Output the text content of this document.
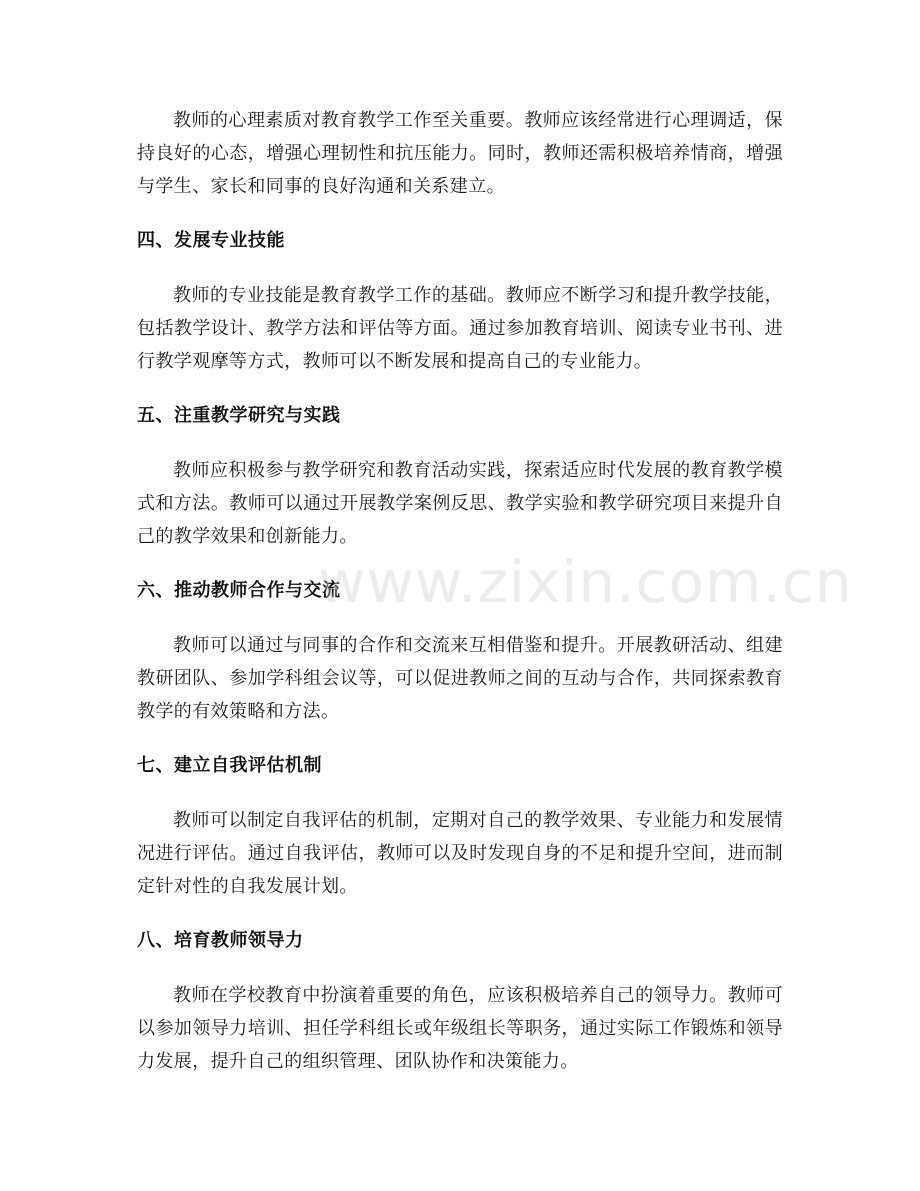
教师的心理素质对教育教学工作至关重要。教师应该经常进行心理调适，保持良好的心态，增强心理韧性和抗压能力。同时，教师还需积极培养情商，增强与学生、家长和同事的良好沟通和关系建立。

四、发展专业技能

教师的专业技能是教育教学工作的基础。教师应不断学习和提升教学技能，包括教学设计、教学方法和评估等方面。通过参加教育培训、阅读专业书刊、进行教学观摩等方式，教师可以不断发展和提高自己的专业能力。

五、注重教学研究与实践

教师应积极参与教学研究和教育活动实践，探索适应时代发展的教育教学模式和方法。教师可以通过开展教学案例反思、教学实验和教学研究项目来提升自己的教学效果和创新能力。

六、推动教师合作与交流

教师可以通过与同事的合作和交流来互相借鉴和提升。开展教研活动、组建教研团队、参加学科组会议等，可以促进教师之间的互动与合作，共同探索教育教学的有效策略和方法。

七、建立自我评估机制

教师可以制定自我评估的机制，定期对自己的教学效果、专业能力和发展情况进行评估。通过自我评估，教师可以及时发现自身的不足和提升空间，进而制定针对性的自我发展计划。

八、培育教师领导力

教师在学校教育中扮演着重要的角色，应该积极培养自己的领导力。教师可以参加领导力培训、担任学科组长或年级组长等职务，通过实际工作锻炼和领导力发展，提升自己的组织管理、团队协作和决策能力。

www.zixin.com.cn
